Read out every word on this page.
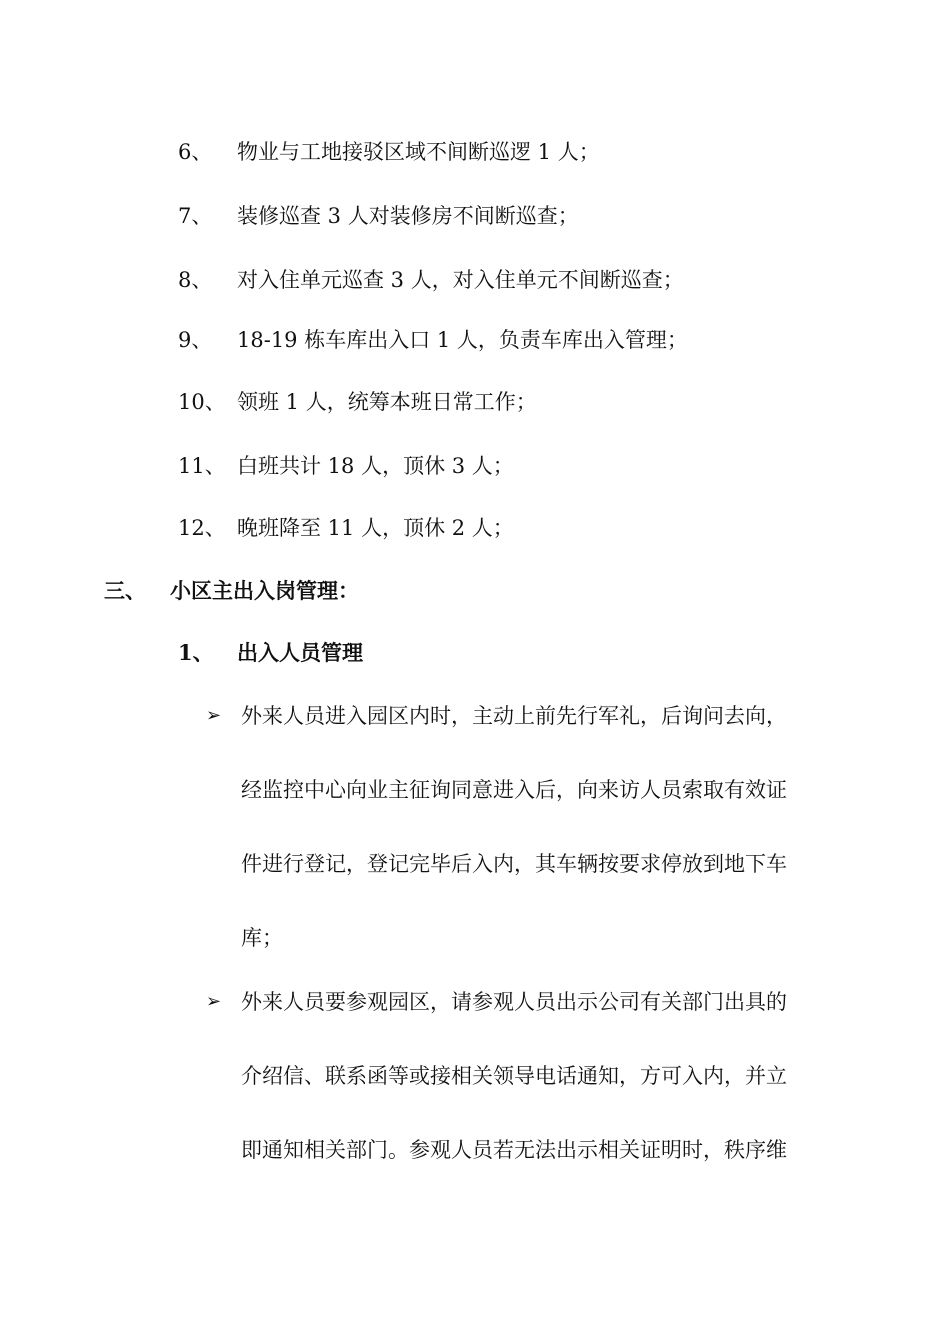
6、 物业与工地接驳区域不间断巡逻 1 人；
7、 装修巡查 3 人对装修房不间断巡查；
8、 对入住单元巡查 3 人，对入住单元不间断巡查；
9、 18-19 栋车库出入口 1 人，负责车库出入管理；
10、 领班 1 人，统筹本班日常工作；
11、 白班共计 18 人，顶休 3 人；
12、 晚班降至 11 人，顶休 2 人；
三、 小区主出入岗管理：
1、 出入人员管理
➢ 外来人员进入园区内时，主动上前先行军礼，后询问去向，
经监控中心向业主征询同意进入后，向来访人员索取有效证
件进行登记，登记完毕后入内，其车辆按要求停放到地下车
库；
➢ 外来人员要参观园区，请参观人员出示公司有关部门出具的
介绍信、联系函等或接相关领导电话通知，方可入内，并立
即通知相关部门。参观人员若无法出示相关证明时，秩序维
